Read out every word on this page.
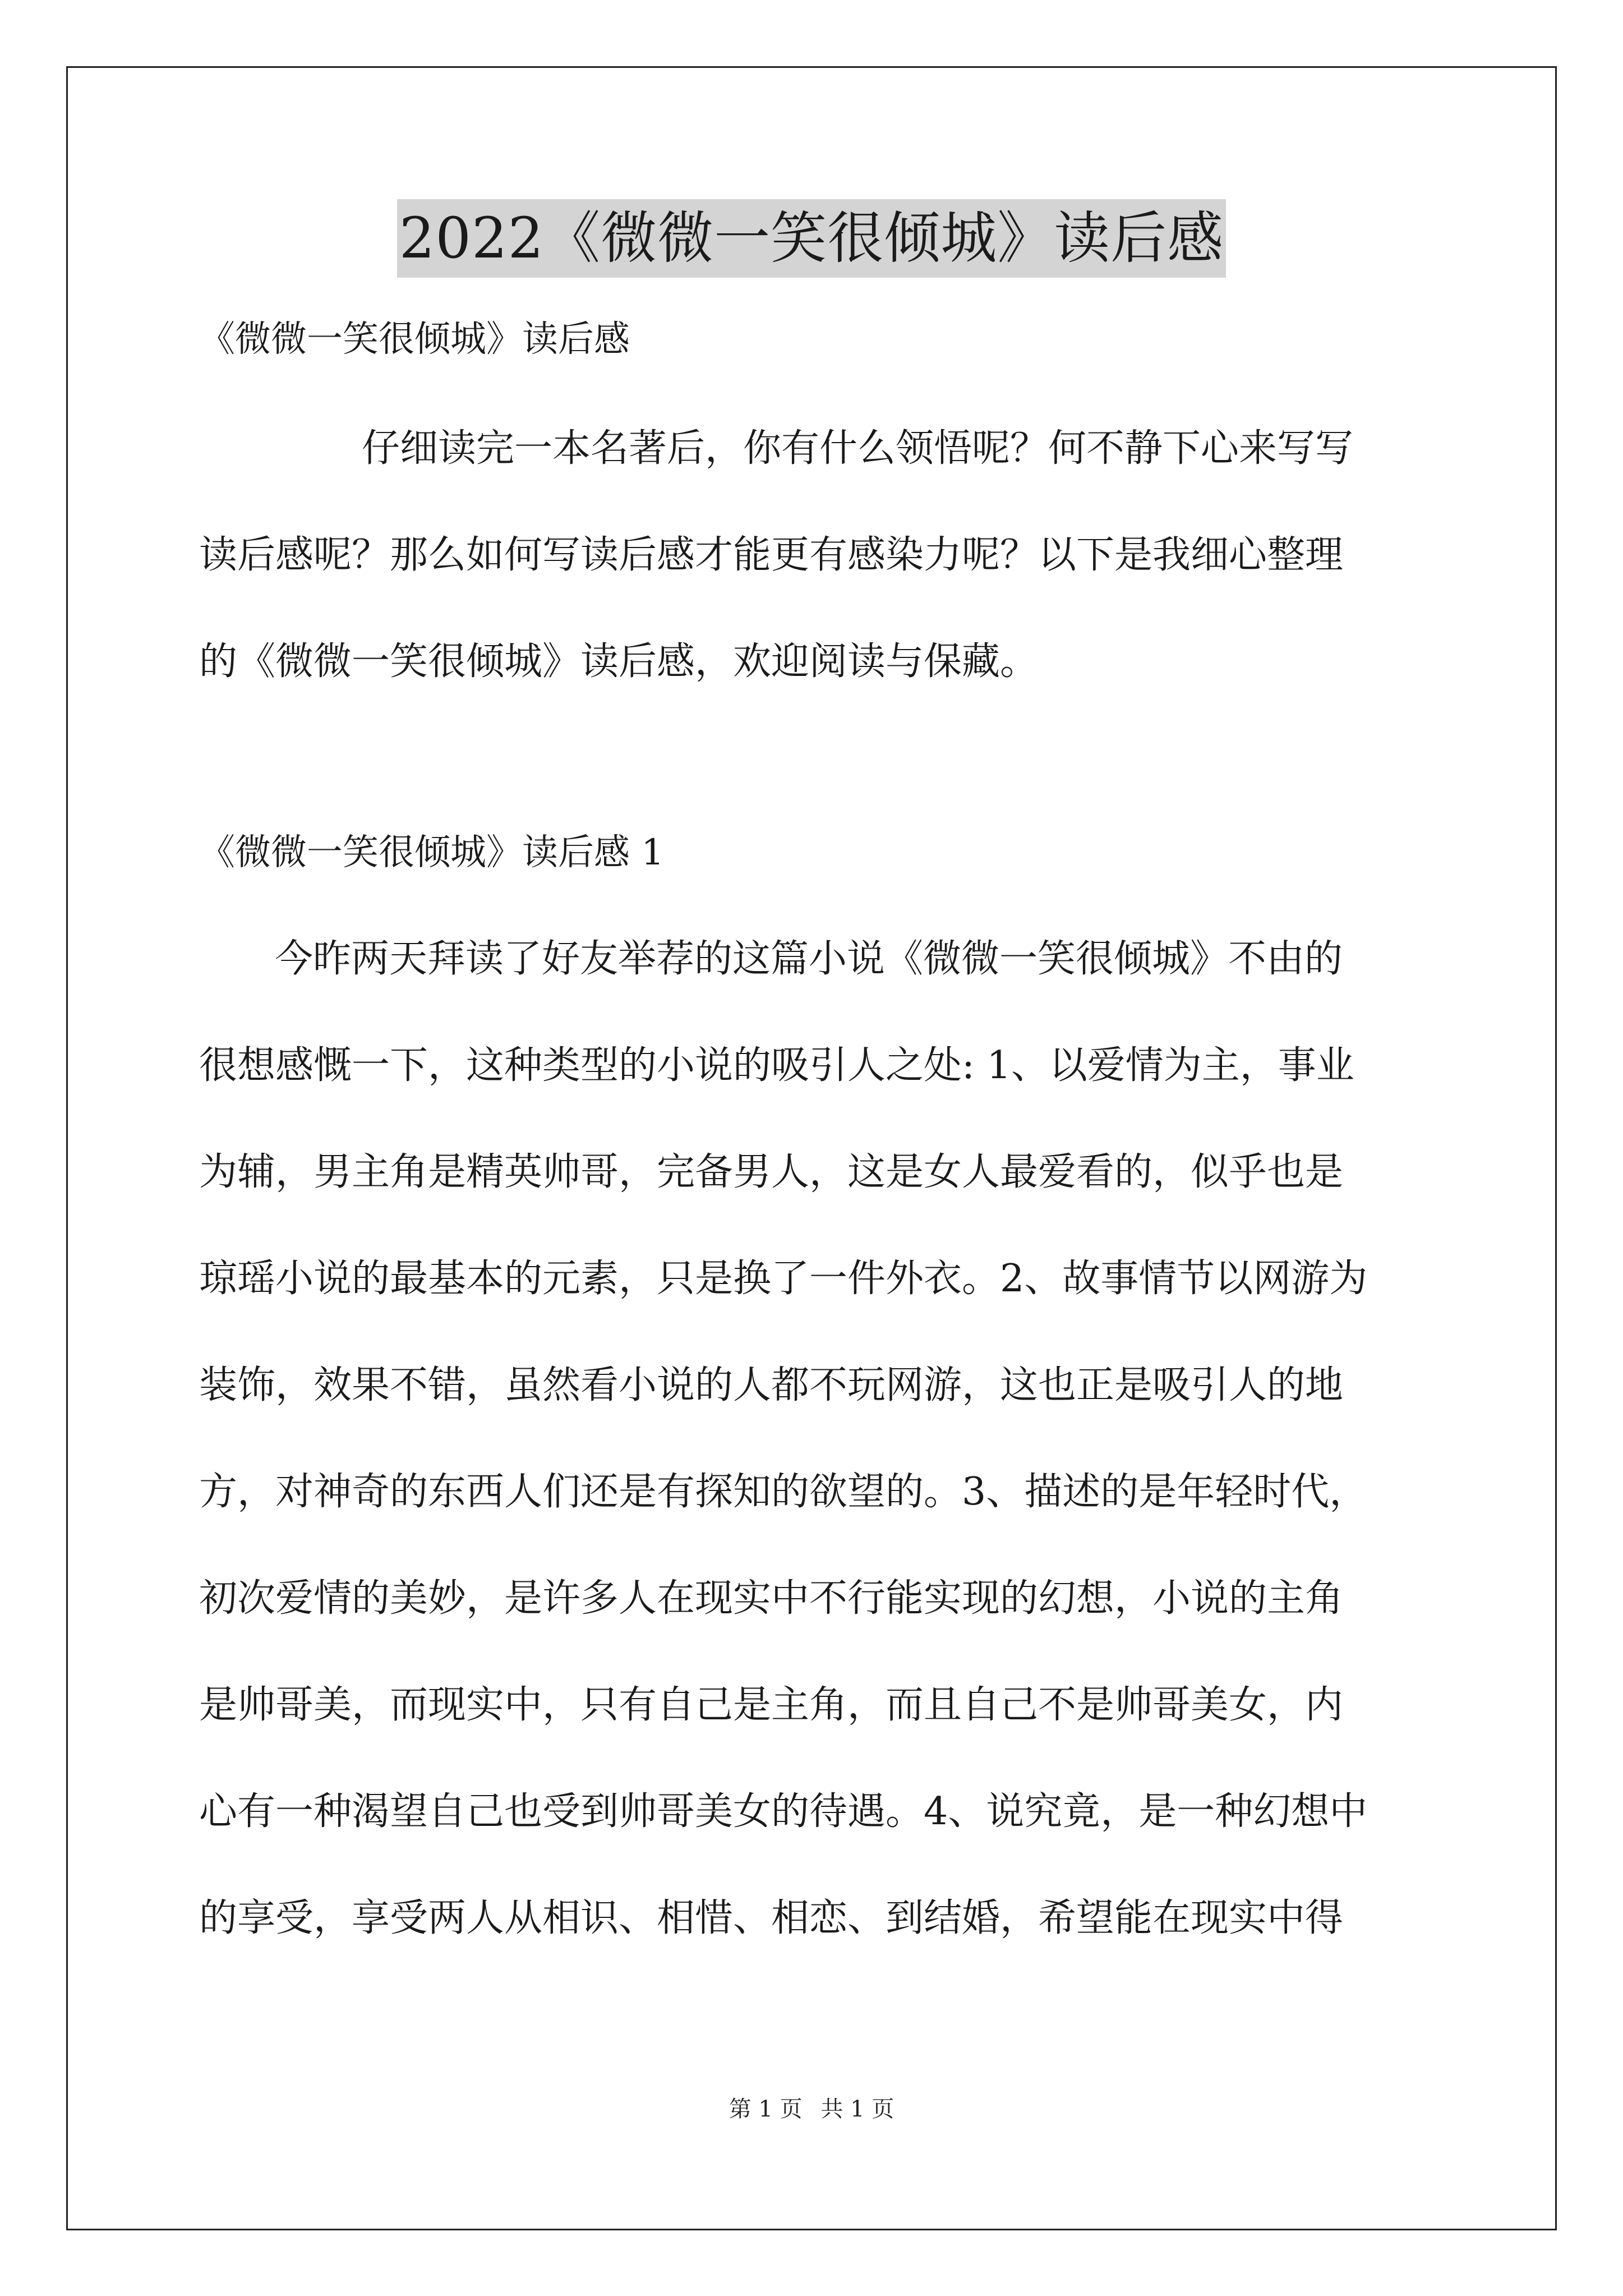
2022《微微一笑很倾城》读后感
《微微一笑很倾城》读后感
仔细读完一本名著后，你有什么领悟呢？何不静下心来写写
读后感呢？那么如何写读后感才能更有感染力呢？以下是我细心整理
的《微微一笑很倾城》读后感，欢迎阅读与保藏。
《微微一笑很倾城》读后感 1
今昨两天拜读了好友举荐的这篇小说《微微一笑很倾城》不由的
很想感慨一下，这种类型的小说的吸引人之处: 1、以爱情为主，事业
为辅，男主角是精英帅哥，完备男人，这是女人最爱看的，似乎也是
琼瑶小说的最基本的元素，只是换了一件外衣。2、故事情节以网游为
装饰，效果不错，虽然看小说的人都不玩网游，这也正是吸引人的地
方，对神奇的东西人们还是有探知的欲望的。3、描述的是年轻时代，
初次爱情的美妙，是许多人在现实中不行能实现的幻想，小说的主角
是帅哥美，而现实中，只有自己是主角，而且自己不是帅哥美女，内
心有一种渴望自己也受到帅哥美女的待遇。4、说究竟，是一种幻想中
的享受，享受两人从相识、相惜、相恋、到结婚，希望能在现实中得
第 1 页 共 1 页
